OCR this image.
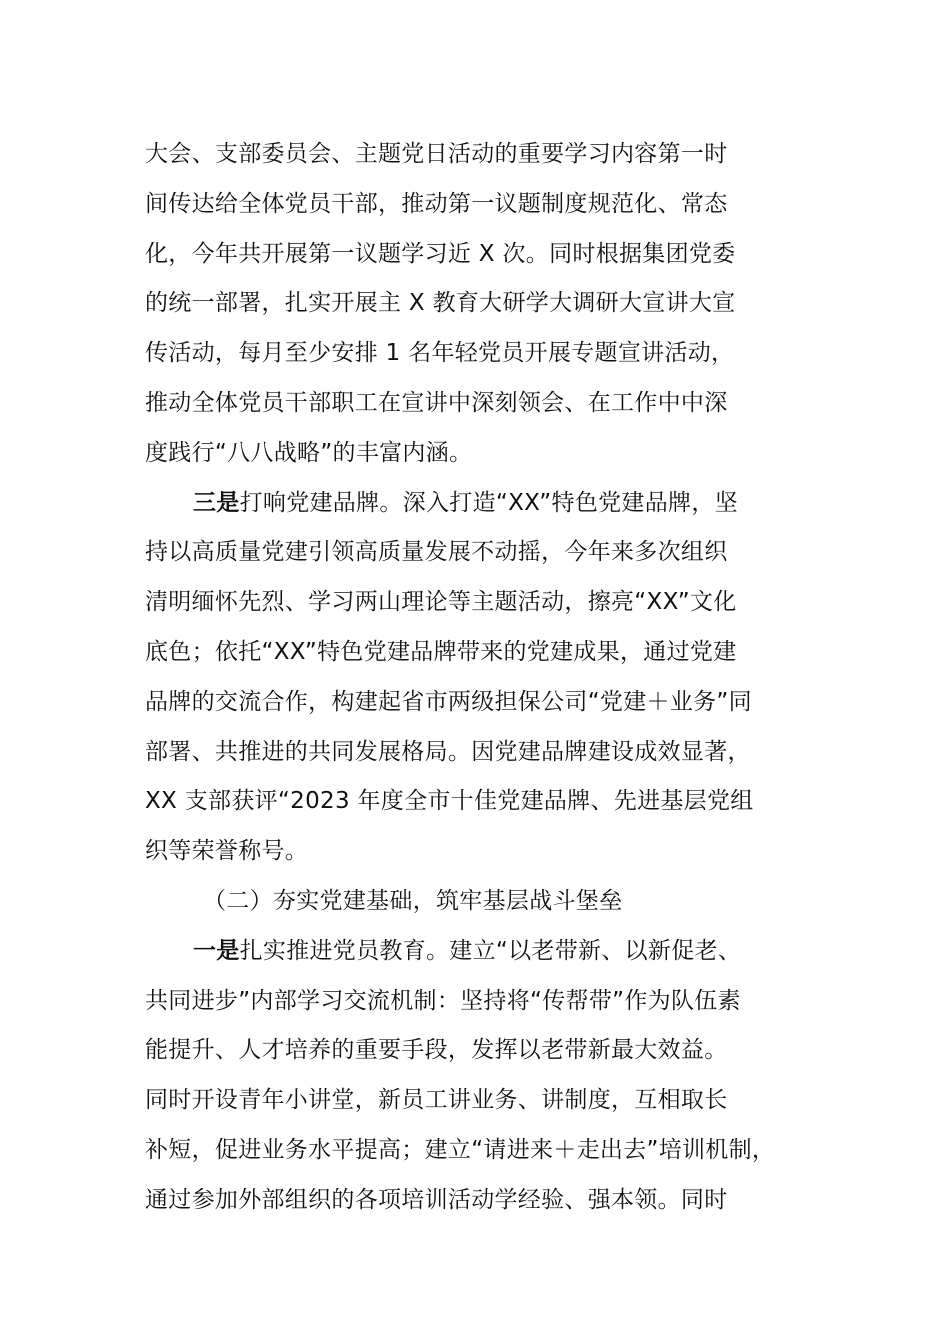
大会、支部委员会、主题党日活动的重要学习内容第一时
间传达给全体党员干部，推动第一议题制度规范化、常态
化，今年共开展第一议题学习近 X 次。同时根据集团党委
的统一部署，扎实开展主 X 教育大研学大调研大宣讲大宣
传活动，每月至少安排 1 名年轻党员开展专题宣讲活动，
推动全体党员干部职工在宣讲中深刻领会、在工作中中深
度践行“八八战略”的丰富内涵。
三是打响党建品牌。深入打造“XX”特色党建品牌，坚
持以高质量党建引领高质量发展不动摇，今年来多次组织
清明缅怀先烈、学习两山理论等主题活动，擦亮“XX”文化
底色；依托“XX”特色党建品牌带来的党建成果，通过党建
品牌的交流合作，构建起省市两级担保公司“党建＋业务”同
部署、共推进的共同发展格局。因党建品牌建设成效显著，
XX 支部获评“2023 年度全市十佳党建品牌、先进基层党组
织等荣誉称号。
（二）夯实党建基础，筑牢基层战斗堡垒
一是扎实推进党员教育。建立“以老带新、以新促老、
共同进步”内部学习交流机制：坚持将“传帮带”作为队伍素
能提升、人才培养的重要手段，发挥以老带新最大效益。
同时开设青年小讲堂，新员工讲业务、讲制度，互相取长
补短，促进业务水平提高；建立“请进来＋走出去”培训机制，
通过参加外部组织的各项培训活动学经验、强本领。同时
